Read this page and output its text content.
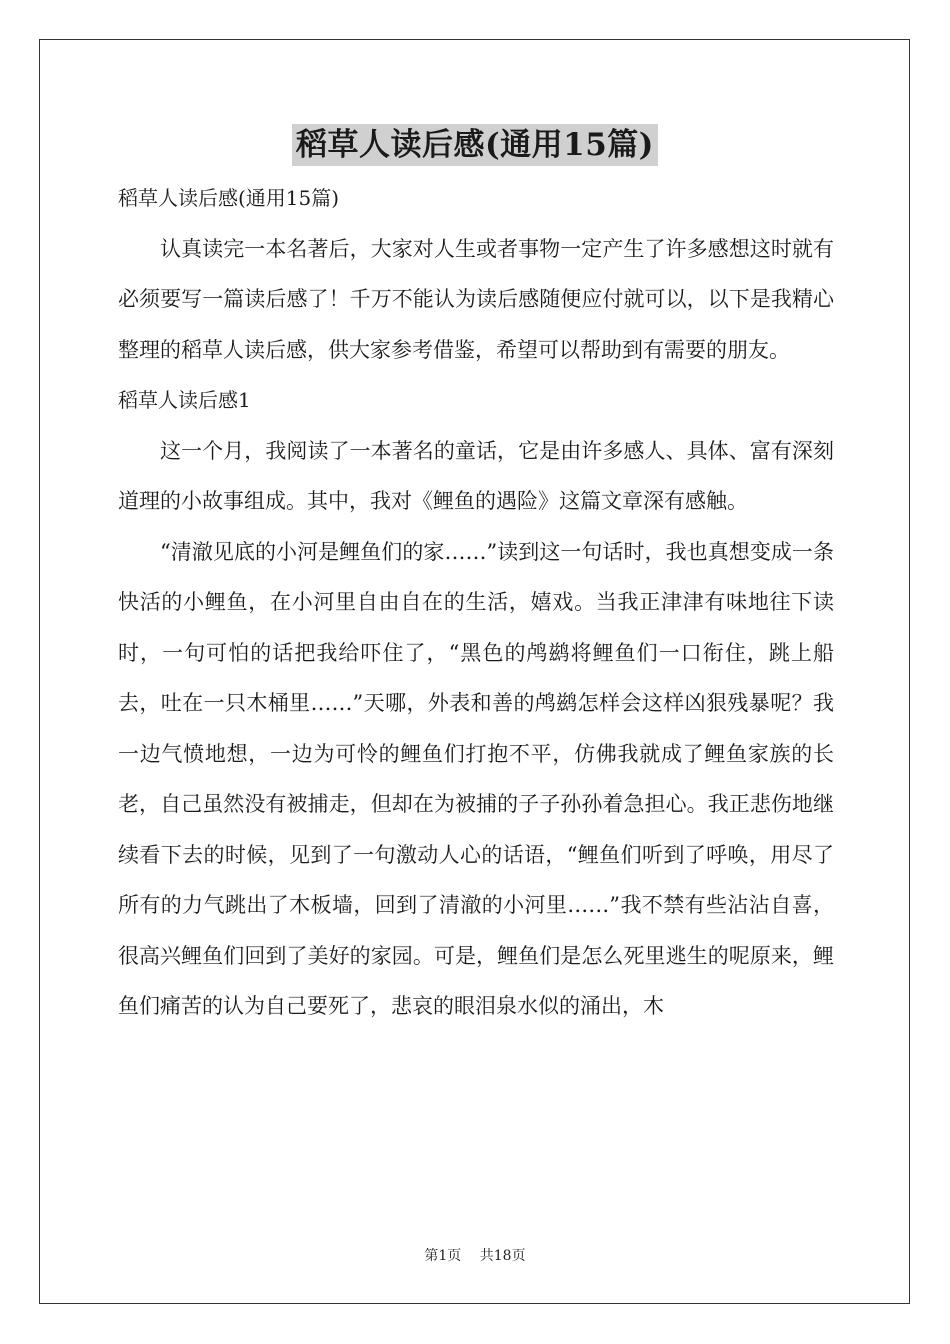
稻草人读后感(通用15篇)

稻草人读后感(通用15篇)

认真读完一本名著后，大家对人生或者事物一定产生了许多感想这时就有必须要写一篇读后感了！千万不能认为读后感随便应付就可以，以下是我精心整理的稻草人读后感，供大家参考借鉴，希望可以帮助到有需要的朋友。

稻草人读后感1

这一个月，我阅读了一本著名的童话，它是由许多感人、具体、富有深刻道理的小故事组成。其中，我对《鲤鱼的遇险》这篇文章深有感触。

“清澈见底的小河是鲤鱼们的家……”读到这一句话时，我也真想变成一条快活的小鲤鱼，在小河里自由自在的生活，嬉戏。当我正津津有味地往下读时，一句可怕的话把我给吓住了，“黑色的鸬鹚将鲤鱼们一口衔住，跳上船去，吐在一只木桶里……”天哪，外表和善的鸬鹚怎样会这样凶狠残暴呢？我一边气愤地想，一边为可怜的鲤鱼们打抱不平，仿佛我就成了鲤鱼家族的长老，自己虽然没有被捕走，但却在为被捕的子子孙孙着急担心。我正悲伤地继续看下去的时候，见到了一句激动人心的话语，“鲤鱼们听到了呼唤，用尽了所有的力气跳出了木板墙，回到了清澈的小河里……”我不禁有些沾沾自喜，很高兴鲤鱼们回到了美好的家园。可是，鲤鱼们是怎么死里逃生的呢原来，鲤鱼们痛苦的认为自己要死了，悲哀的眼泪泉水似的涌出，木

第1页 共18页
